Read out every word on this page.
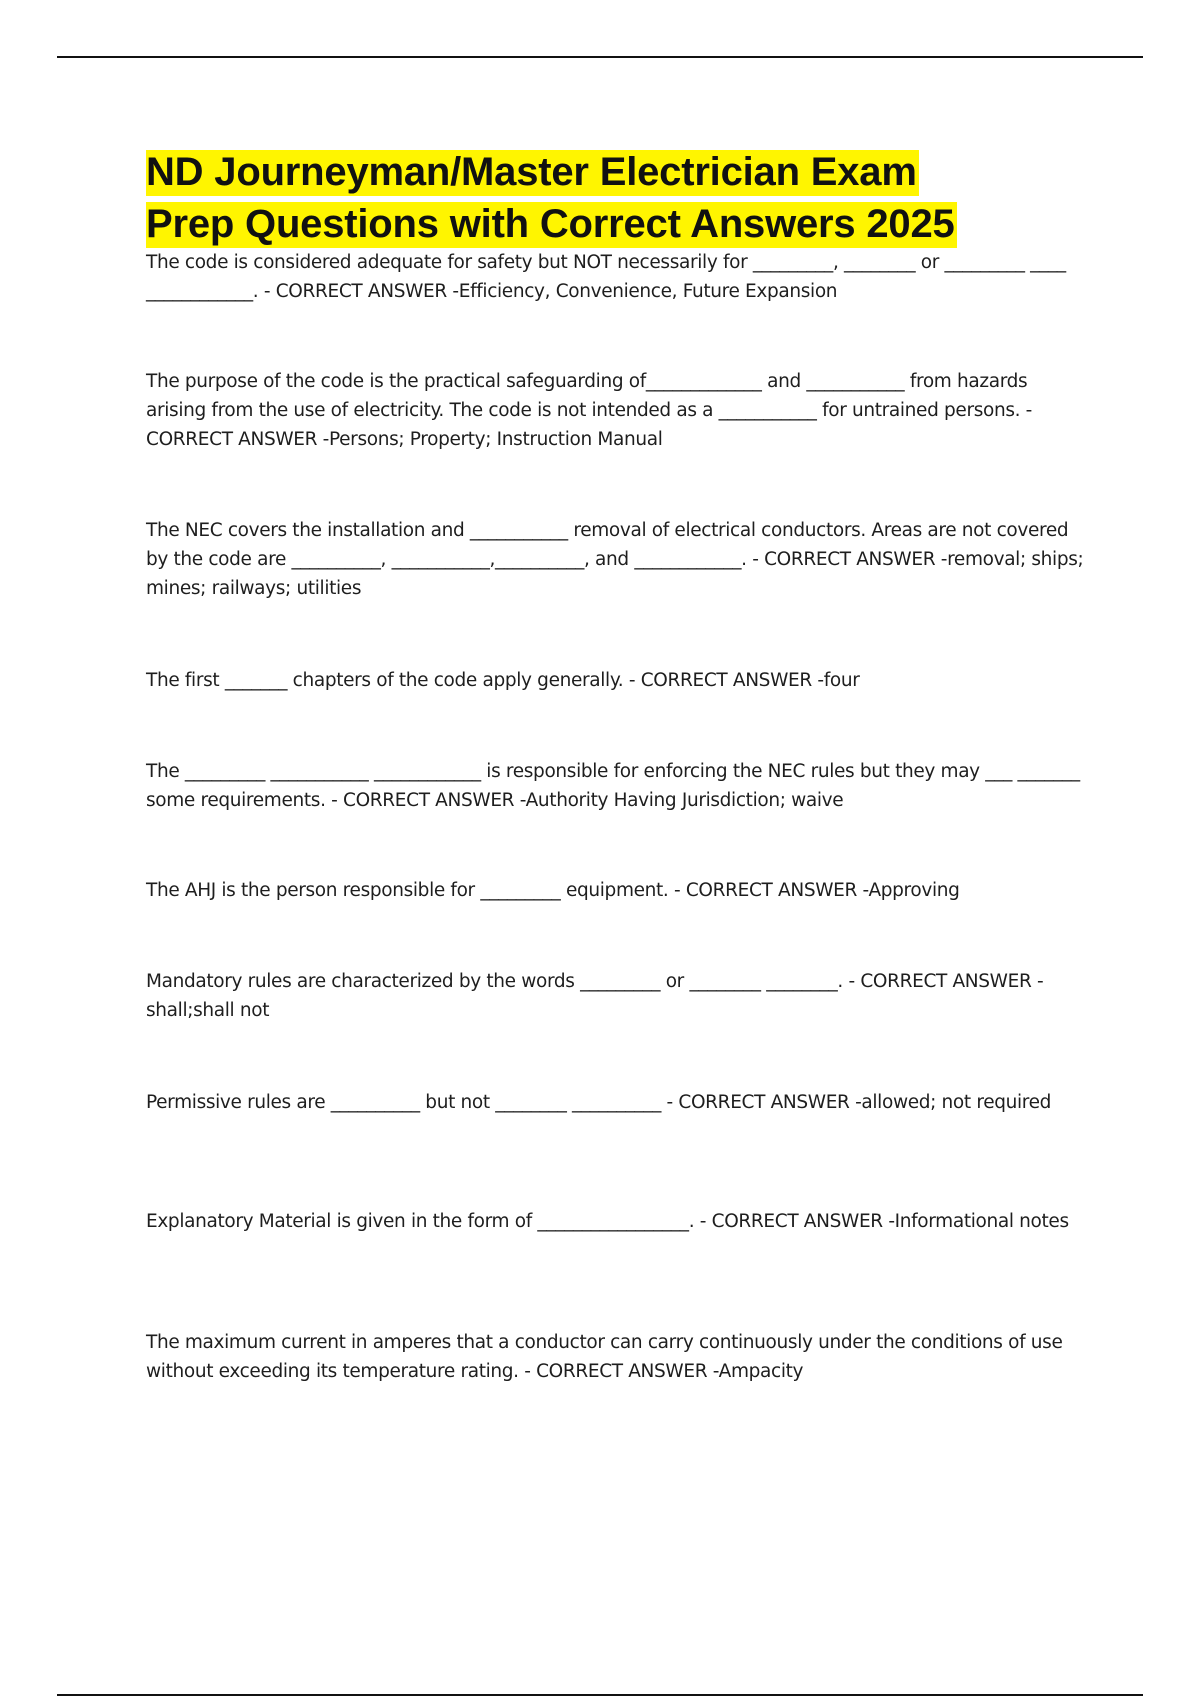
ND Journeyman/Master Electrician Exam
Prep Questions with Correct Answers 2025

The code is considered adequate for safety but NOT necessarily for _________, ________ or _________ ____ ____________. - CORRECT ANSWER -Efficiency, Convenience, Future Expansion

The purpose of the code is the practical safeguarding of_____________ and ___________ from hazards arising from the use of electricity. The code is not intended as a ___________ for untrained persons. - CORRECT ANSWER -Persons; Property; Instruction Manual

The NEC covers the installation and ___________ removal of electrical conductors. Areas are not covered by the code are __________, ___________,__________, and ____________. - CORRECT ANSWER -removal; ships; mines; railways; utilities

The first _______ chapters of the code apply generally. - CORRECT ANSWER -four

The _________ ___________ ____________ is responsible for enforcing the NEC rules but they may ___ _______ some requirements. - CORRECT ANSWER -Authority Having Jurisdiction; waive

The AHJ is the person responsible for _________ equipment. - CORRECT ANSWER -Approving

Mandatory rules are characterized by the words _________ or ________ ________. - CORRECT ANSWER -shall;shall not

Permissive rules are __________ but not ________ __________ - CORRECT ANSWER -allowed; not required

Explanatory Material is given in the form of _________________. - CORRECT ANSWER -Informational notes

The maximum current in amperes that a conductor can carry continuously under the conditions of use without exceeding its temperature rating. - CORRECT ANSWER -Ampacity
